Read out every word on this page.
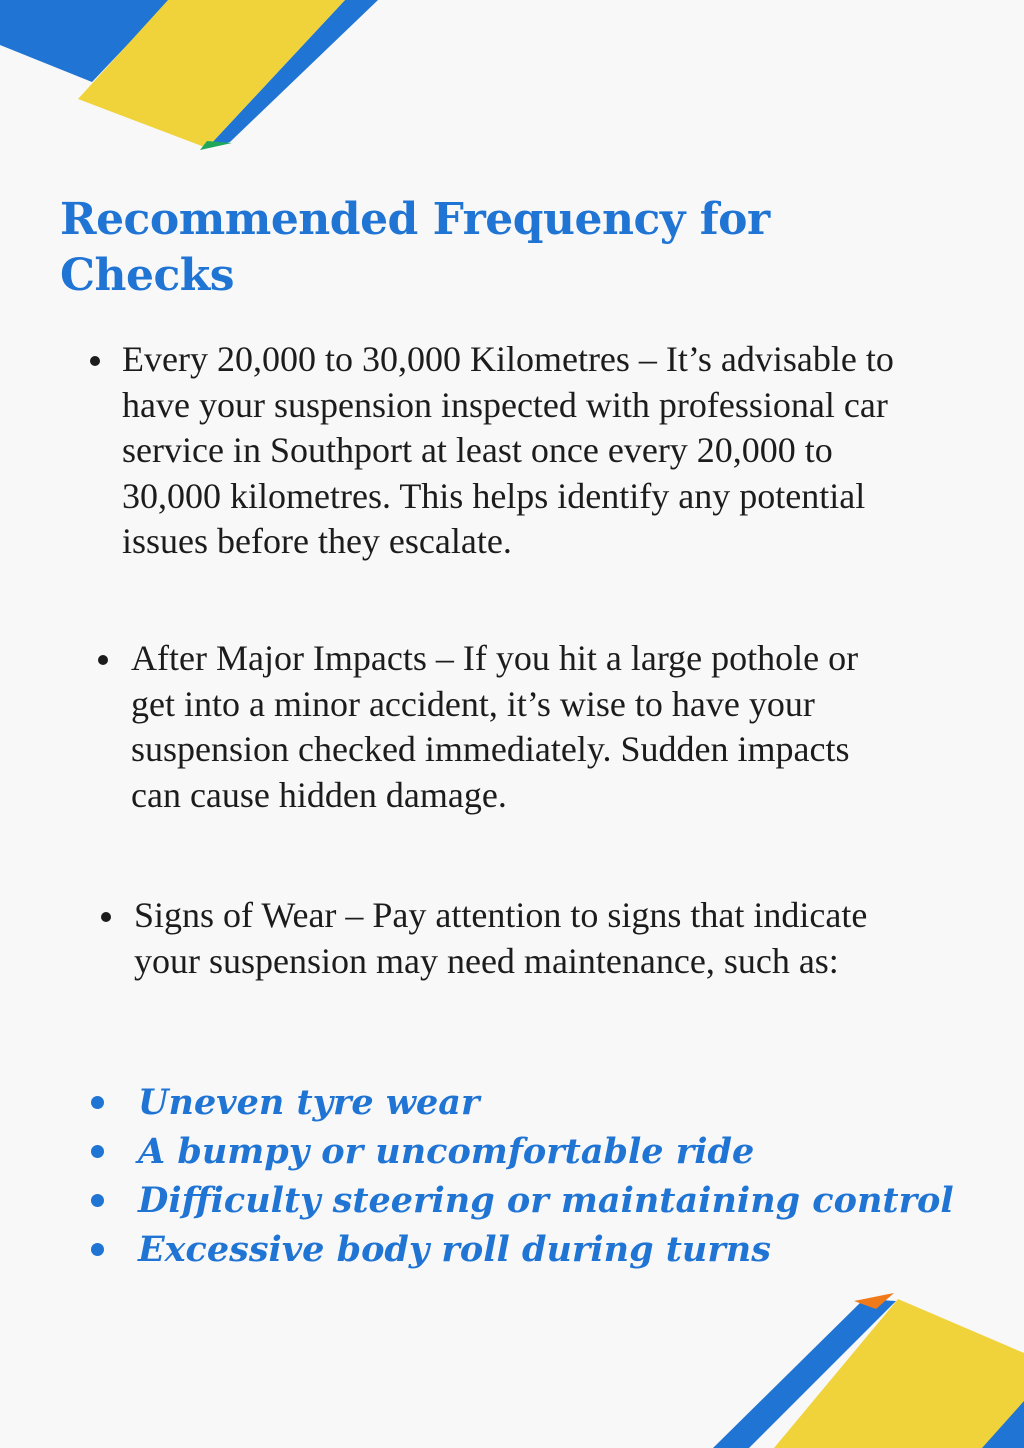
Recommended Frequency for Checks

Every 20,000 to 30,000 Kilometres – It’s advisable to have your suspension inspected with professional car service in Southport at least once every 20,000 to 30,000 kilometres. This helps identify any potential issues before they escalate.

After Major Impacts – If you hit a large pothole or get into a minor accident, it’s wise to have your suspension checked immediately. Sudden impacts can cause hidden damage.

Signs of Wear – Pay attention to signs that indicate your suspension may need maintenance, such as:

Uneven tyre wear
A bumpy or uncomfortable ride
Difficulty steering or maintaining control
Excessive body roll during turns
